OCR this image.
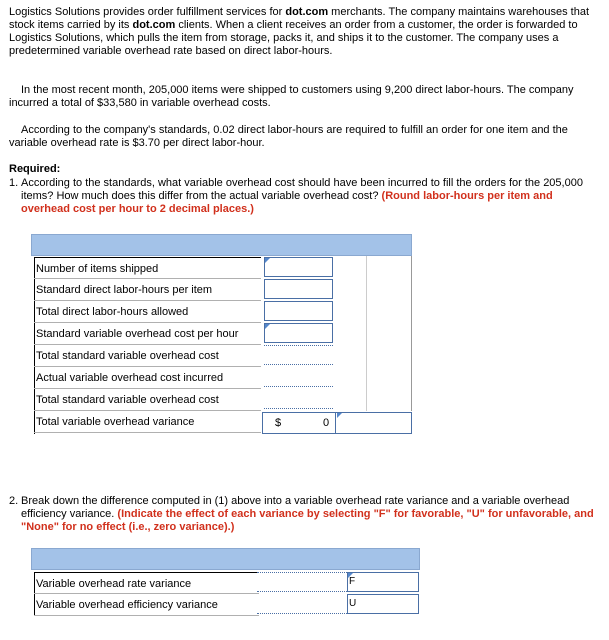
Logistics Solutions provides order fulfillment services for dot.com merchants. The company maintains warehouses that stock items carried by its dot.com clients. When a client receives an order from a customer, the order is forwarded to Logistics Solutions, which pulls the item from storage, packs it, and ships it to the customer. The company uses a predetermined variable overhead rate based on direct labor-hours.

In the most recent month, 205,000 items were shipped to customers using 9,200 direct labor-hours. The company incurred a total of $33,580 in variable overhead costs.

According to the company's standards, 0.02 direct labor-hours are required to fulfill an order for one item and the variable overhead rate is $3.70 per direct labor-hour.

Required:
1. According to the standards, what variable overhead cost should have been incurred to fill the orders for the 205,000 items? How much does this differ from the actual variable overhead cost? (Round labor-hours per item and overhead cost per hour to 2 decimal places.)
Number of items shipped
Standard direct labor-hours per item
Total direct labor-hours allowed
Standard variable overhead cost per hour
Total standard variable overhead cost
Actual variable overhead cost incurred
Total standard variable overhead cost
Total variable overhead variance	$	0
2. Break down the difference computed in (1) above into a variable overhead rate variance and a variable overhead efficiency variance. (Indicate the effect of each variance by selecting "F" for favorable, "U" for unfavorable, and "None" for no effect (i.e., zero variance).)
Variable overhead rate variance
Variable overhead efficiency variance
F
U
